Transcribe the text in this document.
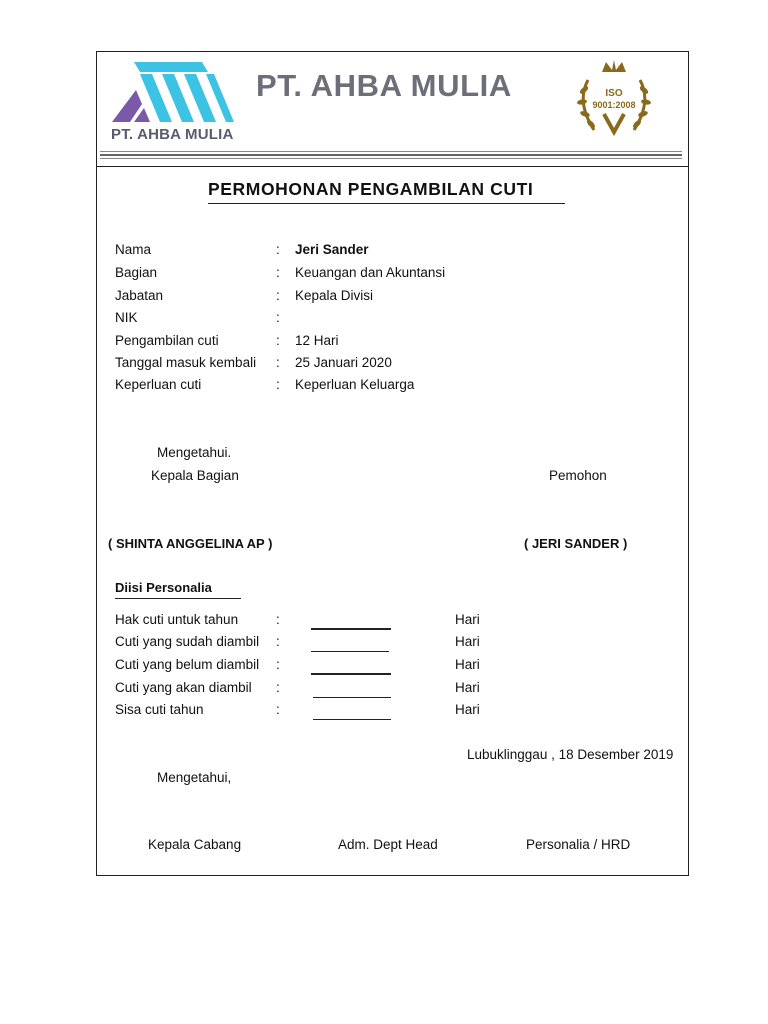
PT. AHBA MULIA
PT. AHBA MULIA	ISO
9001:2008
PERMOHONAN PENGAMBILAN CUTI
Nama	: Jeri Sander
Bagian	: Keuangan dan Akuntansi
Jabatan	: Kepala Divisi
NIK	:
Pengambilan cuti	: 12 Hari
Tanggal masuk kembali : 25 Januari 2020
Keperluan cuti	: Keperluan Keluarga
Mengetahui.
Kepala Bagian	Pemohon
( SHINTA ANGGELINA AP )	( JERI SANDER )
Diisi Personalia
Hak cuti untuk tahun	:	Hari
Cuti yang sudah diambil :	Hari
Cuti yang belum diambil :	Hari
Cuti yang akan diambil :	Hari
Sisa cuti tahun	:	Hari
Lubuklinggau , 18 Desember 2019
Mengetahui,
Kepala Cabang	Adm. Dept Head	Personalia / HRD
